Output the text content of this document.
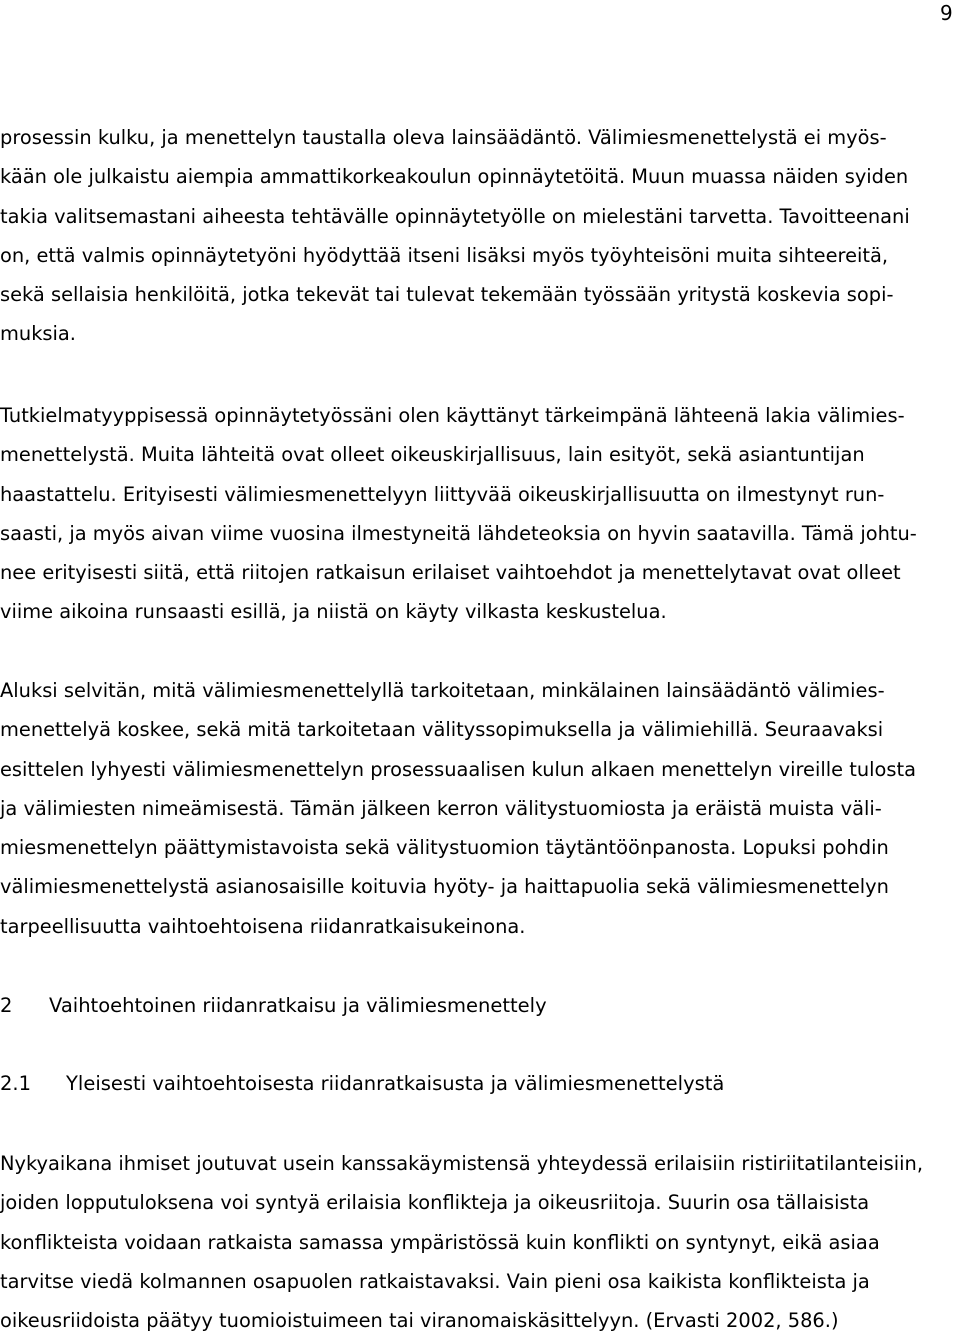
9
prosessin kulku, ja menettelyn taustalla oleva lainsäädäntö. Välimiesmenettelystä ei myös-
kään ole julkaistu aiempia ammattikorkeakoulun opinnäytetöitä. Muun muassa näiden syiden
takia valitsemastani aiheesta tehtävälle opinnäytetyölle on mielestäni tarvetta. Tavoitteenani
on, että valmis opinnäytetyöni hyödyttää itseni lisäksi myös työyhteisöni muita sihteereitä,
sekä sellaisia henkilöitä, jotka tekevät tai tulevat tekemään työssään yritystä koskevia sopi-
muksia.
Tutkielmatyyppisessä opinnäytetyössäni olen käyttänyt tärkeimpänä lähteenä lakia välimies-
menettelystä. Muita lähteitä ovat olleet oikeuskirjallisuus, lain esityöt, sekä asiantuntijan
haastattelu. Erityisesti välimiesmenettelyyn liittyvää oikeuskirjallisuutta on ilmestynyt run-
saasti, ja myös aivan viime vuosina ilmestyneitä lähdeteoksia on hyvin saatavilla. Tämä johtu-
nee erityisesti siitä, että riitojen ratkaisun erilaiset vaihtoehdot ja menettelytavat ovat olleet
viime aikoina runsaasti esillä, ja niistä on käyty vilkasta keskustelua.
Aluksi selvitän, mitä välimiesmenettelyllä tarkoitetaan, minkälainen lainsäädäntö välimies-
menettelyä koskee, sekä mitä tarkoitetaan välityssopimuksella ja välimiehillä. Seuraavaksi
esittelen lyhyesti välimiesmenettelyn prosessuaalisen kulun alkaen menettelyn vireille tulosta
ja välimiesten nimeämisestä. Tämän jälkeen kerron välitystuomiosta ja eräistä muista väli-
miesmenettelyn päättymistavoista sekä välitystuomion täytäntöönpanosta. Lopuksi pohdin
välimiesmenettelystä asianosaisille koituvia hyöty- ja haittapuolia sekä välimiesmenettelyn
tarpeellisuutta vaihtoehtoisena riidanratkaisukeinona.
2 Vaihtoehtoinen riidanratkaisu ja välimiesmenettely
2.1 Yleisesti vaihtoehtoisesta riidanratkaisusta ja välimiesmenettelystä
Nykyaikana ihmiset joutuvat usein kanssakäymistensä yhteydessä erilaisiin ristiriitatilanteisiin,
joiden lopputuloksena voi syntyä erilaisia konflikteja ja oikeusriitoja. Suurin osa tällaisista
konflikteista voidaan ratkaista samassa ympäristössä kuin konflikti on syntynyt, eikä asiaa
tarvitse viedä kolmannen osapuolen ratkaistavaksi. Vain pieni osa kaikista konflikteista ja
oikeusriidoista päätyy tuomioistuimeen tai viranomaiskäsittelyyn. (Ervasti 2002, 586.)
